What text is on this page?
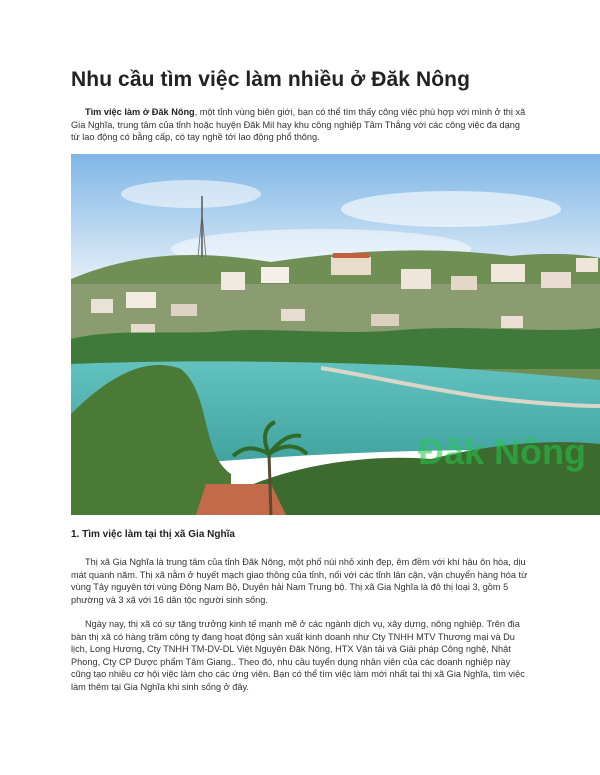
Nhu cầu tìm việc làm nhiều ở Đăk Nông

Tìm việc làm ở Đăk Nông, một tỉnh vùng biên giới, bạn có thể tìm thấy công việc phù hợp với mình ở thị xã Gia Nghĩa, trung tâm của tỉnh hoặc huyện Đăk Mil hay khu công nghiệp Tâm Thắng với các công việc đa dạng từ lao động có bằng cấp, có tay nghề tới lao động phổ thông.

Đăk Nông
1. Tìm việc làm tại thị xã Gia Nghĩa

Thị xã Gia Nghĩa là trung tâm của tỉnh Đăk Nông, một phố núi nhỏ xinh đẹp, êm đềm với khí hậu ôn hòa, dịu mát quanh năm. Thị xã nằm ở huyết mạch giao thông của tỉnh, nối với các tỉnh lân cận, vận chuyển hàng hóa từ vùng Tây nguyên tới vùng Đông Nam Bộ, Duyên hải Nam Trung bộ. Thị xã Gia Nghĩa là đô thị loại 3, gồm 5 phường và 3 xã với 16 dân tộc người sinh sống.

Ngày nay, thị xã có sự tăng trưởng kinh tế mạnh mẽ ở các ngành dịch vụ, xây dựng, nông nghiệp. Trên địa bàn thị xã có hàng trăm công ty đang hoạt động sản xuất kinh doanh như Cty TNHH MTV Thương mại và Du lịch, Long Hương, Cty TNHH TM-DV-DL Việt Nguyên Đăk Nông, HTX Vận tải và Giải pháp Công nghệ, Nhật Phong, Cty CP Dược phẩm Tâm Giang.. Theo đó, nhu cầu tuyển dụng nhân viên của các doanh nghiệp này cũng tạo nhiều cơ hội việc làm cho các ứng viên. Bạn có thể tìm việc làm mới nhất tại thị xã Gia Nghĩa, tìm việc làm thêm tại Gia Nghĩa khi sinh sống ở đây.
